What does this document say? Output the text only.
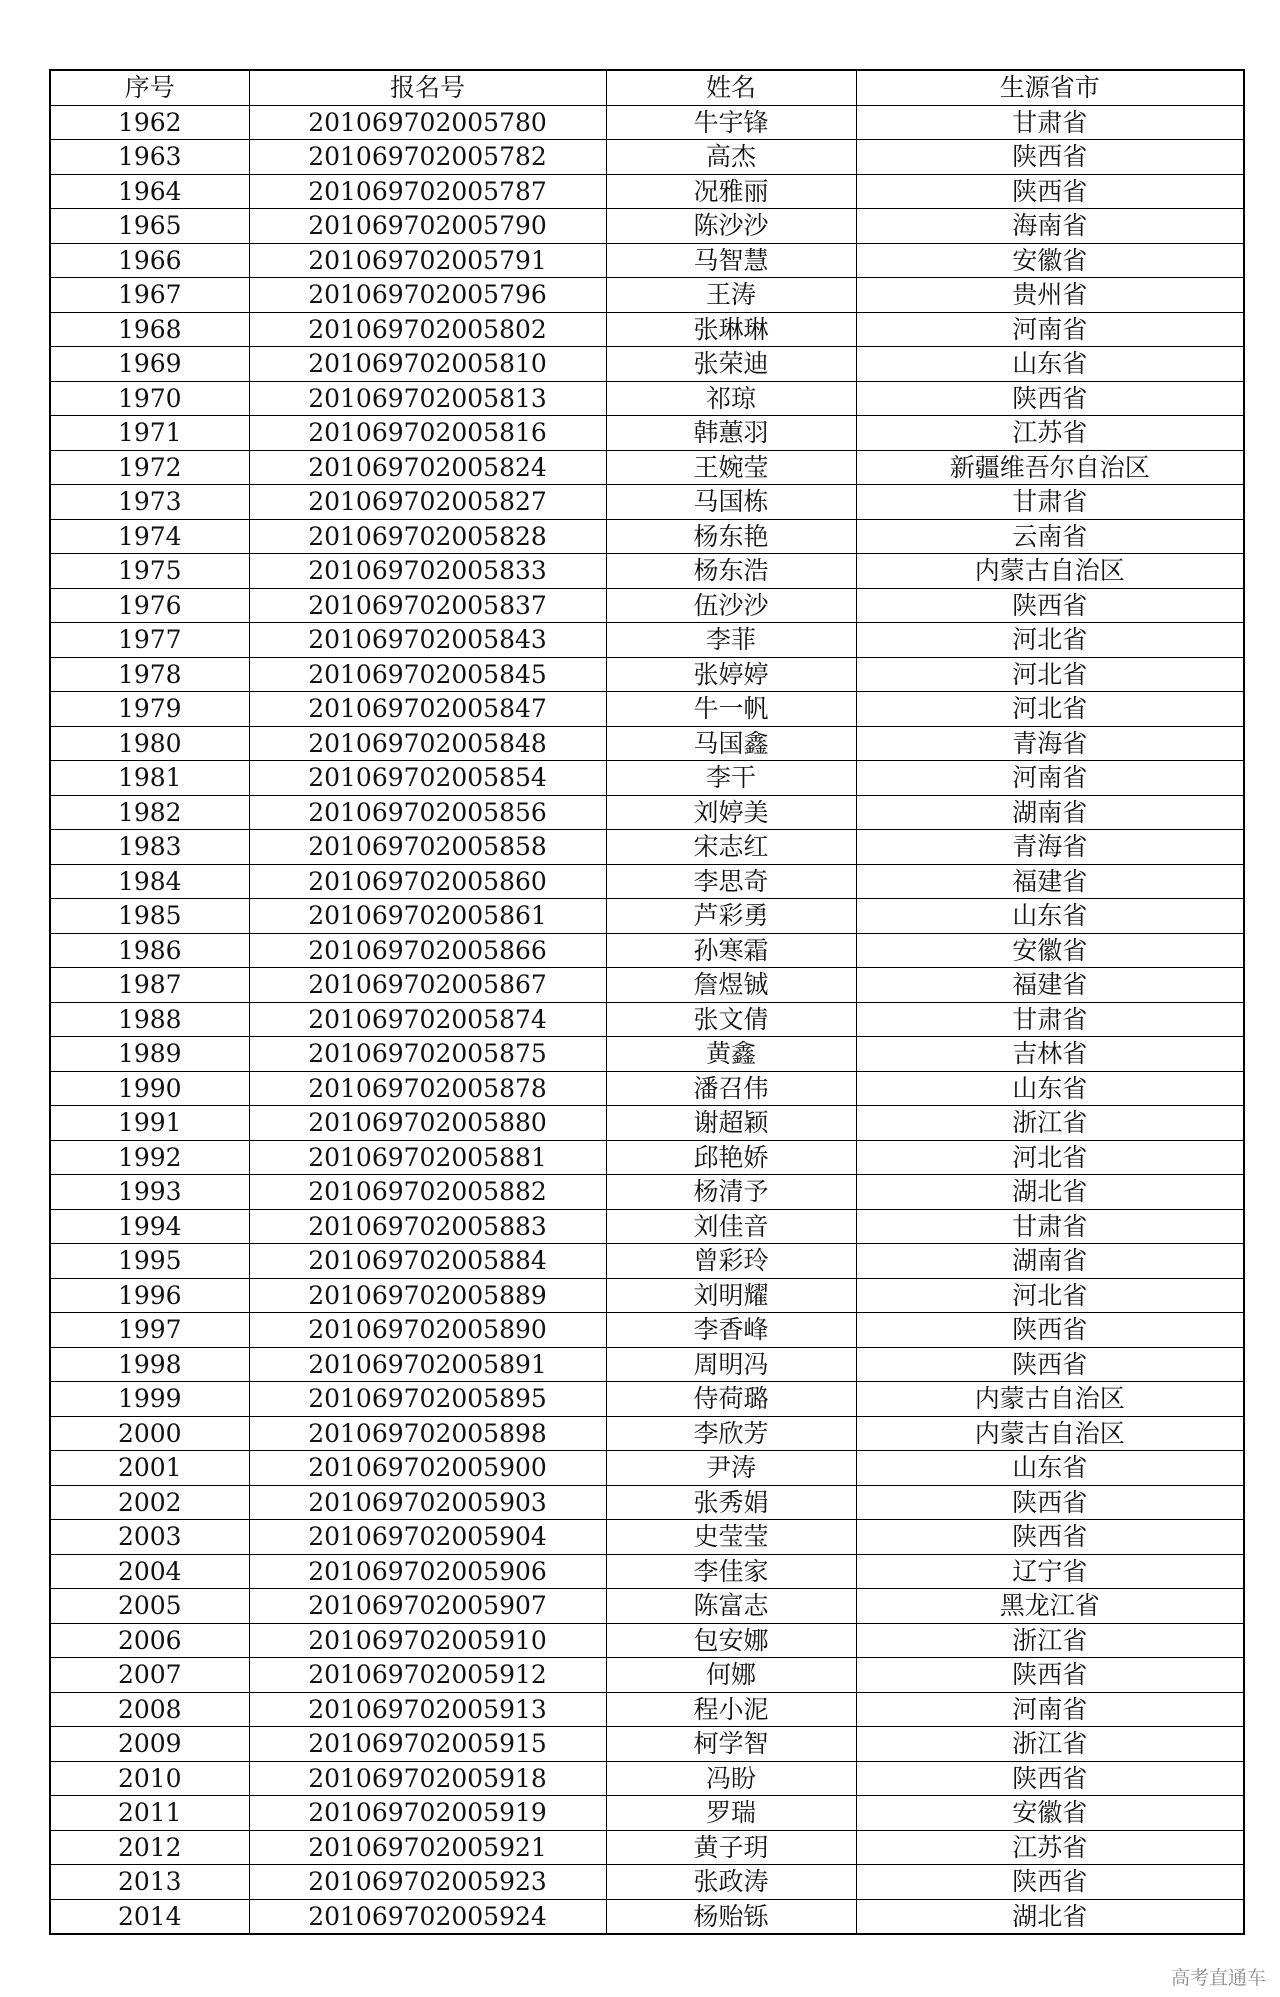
序号	报名号	姓名	生源省市
1962	201069702005780	牛宇锋	甘肃省
1963	201069702005782	高杰	陕西省
1964	201069702005787	况雅丽	陕西省
1965	201069702005790	陈沙沙	海南省
1966	201069702005791	马智慧	安徽省
1967	201069702005796	王涛	贵州省
1968	201069702005802	张琳琳	河南省
1969	201069702005810	张荣迪	山东省
1970	201069702005813	祁琼	陕西省
1971	201069702005816	韩蕙羽	江苏省
1972	201069702005824	王婉莹	新疆维吾尔自治区
1973	201069702005827	马国栋	甘肃省
1974	201069702005828	杨东艳	云南省
1975	201069702005833	杨东浩	内蒙古自治区
1976	201069702005837	伍沙沙	陕西省
1977	201069702005843	李菲	河北省
1978	201069702005845	张婷婷	河北省
1979	201069702005847	牛一帆	河北省
1980	201069702005848	马国鑫	青海省
1981	201069702005854	李干	河南省
1982	201069702005856	刘婷美	湖南省
1983	201069702005858	宋志红	青海省
1984	201069702005860	李思奇	福建省
1985	201069702005861	芦彩勇	山东省
1986	201069702005866	孙寒霜	安徽省
1987	201069702005867	詹煜铖	福建省
1988	201069702005874	张文倩	甘肃省
1989	201069702005875	黄鑫	吉林省
1990	201069702005878	潘召伟	山东省
1991	201069702005880	谢超颖	浙江省
1992	201069702005881	邱艳娇	河北省
1993	201069702005882	杨清予	湖北省
1994	201069702005883	刘佳音	甘肃省
1995	201069702005884	曾彩玲	湖南省
1996	201069702005889	刘明耀	河北省
1997	201069702005890	李香峰	陕西省
1998	201069702005891	周明冯	陕西省
1999	201069702005895	侍荷璐	内蒙古自治区
2000	201069702005898	李欣芳	内蒙古自治区
2001	201069702005900	尹涛	山东省
2002	201069702005903	张秀娟	陕西省
2003	201069702005904	史莹莹	陕西省
2004	201069702005906	李佳家	辽宁省
2005	201069702005907	陈富志	黑龙江省
2006	201069702005910	包安娜	浙江省
2007	201069702005912	何娜	陕西省
2008	201069702005913	程小泥	河南省
2009	201069702005915	柯学智	浙江省
2010	201069702005918	冯盼	陕西省
2011	201069702005919	罗瑞	安徽省
2012	201069702005921	黄子玥	江苏省
2013	201069702005923	张政涛	陕西省
2014	201069702005924	杨贻铄	湖北省
高考直通车
